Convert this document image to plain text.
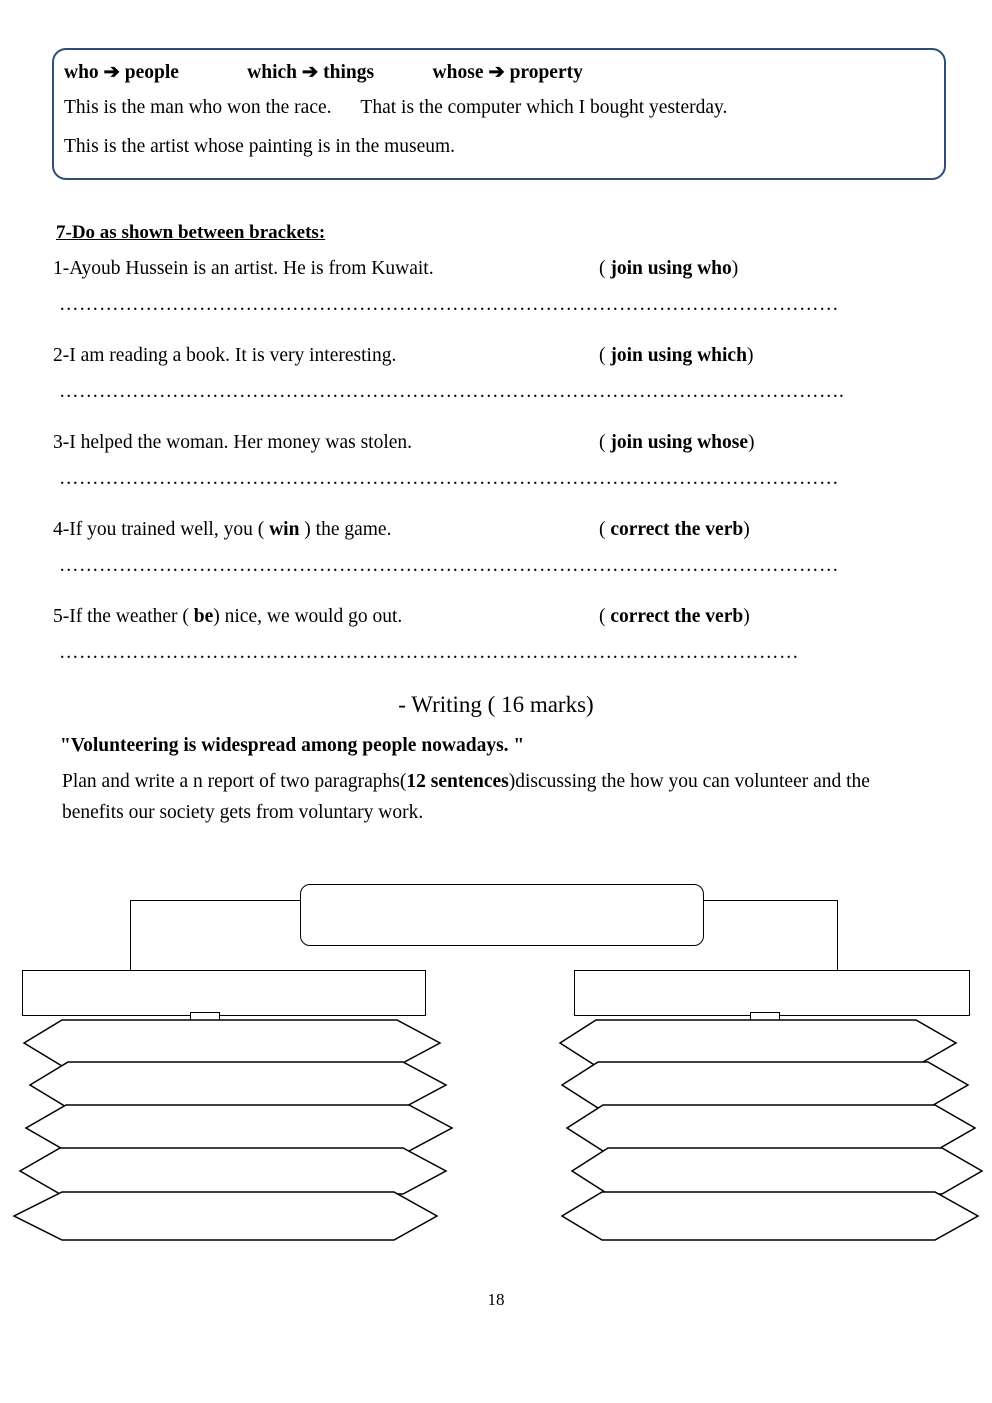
who ➔ people              which ➔ things            whose ➔ property
This is the man who won the race.      That is the computer which I bought yesterday.
This is the artist whose painting is in the museum.
7-Do as shown between brackets:
1-Ayoub Hussein is an artist. He is from Kuwait.	( join using who)
………………………………………………………………………………………………………
2-I am reading a book. It is very interesting.	( join using which)
……………………………………………………………………………………………………….
3-I helped the woman. Her money was stolen.	( join using whose)
………………………………………………………………………………………………………
4-If you trained well, you ( win ) the game.	( correct the verb)
………………………………………………………………………………………………………
5-If the weather ( be) nice, we would go out.	( correct the verb)
…………………………………………………………………………………………………
- Writing ( 16 marks)
"Volunteering is widespread among people nowadays. "
Plan and write a n report of two paragraphs(12 sentences)discussing the how you can volunteer and the benefits our society gets from voluntary work.
18
